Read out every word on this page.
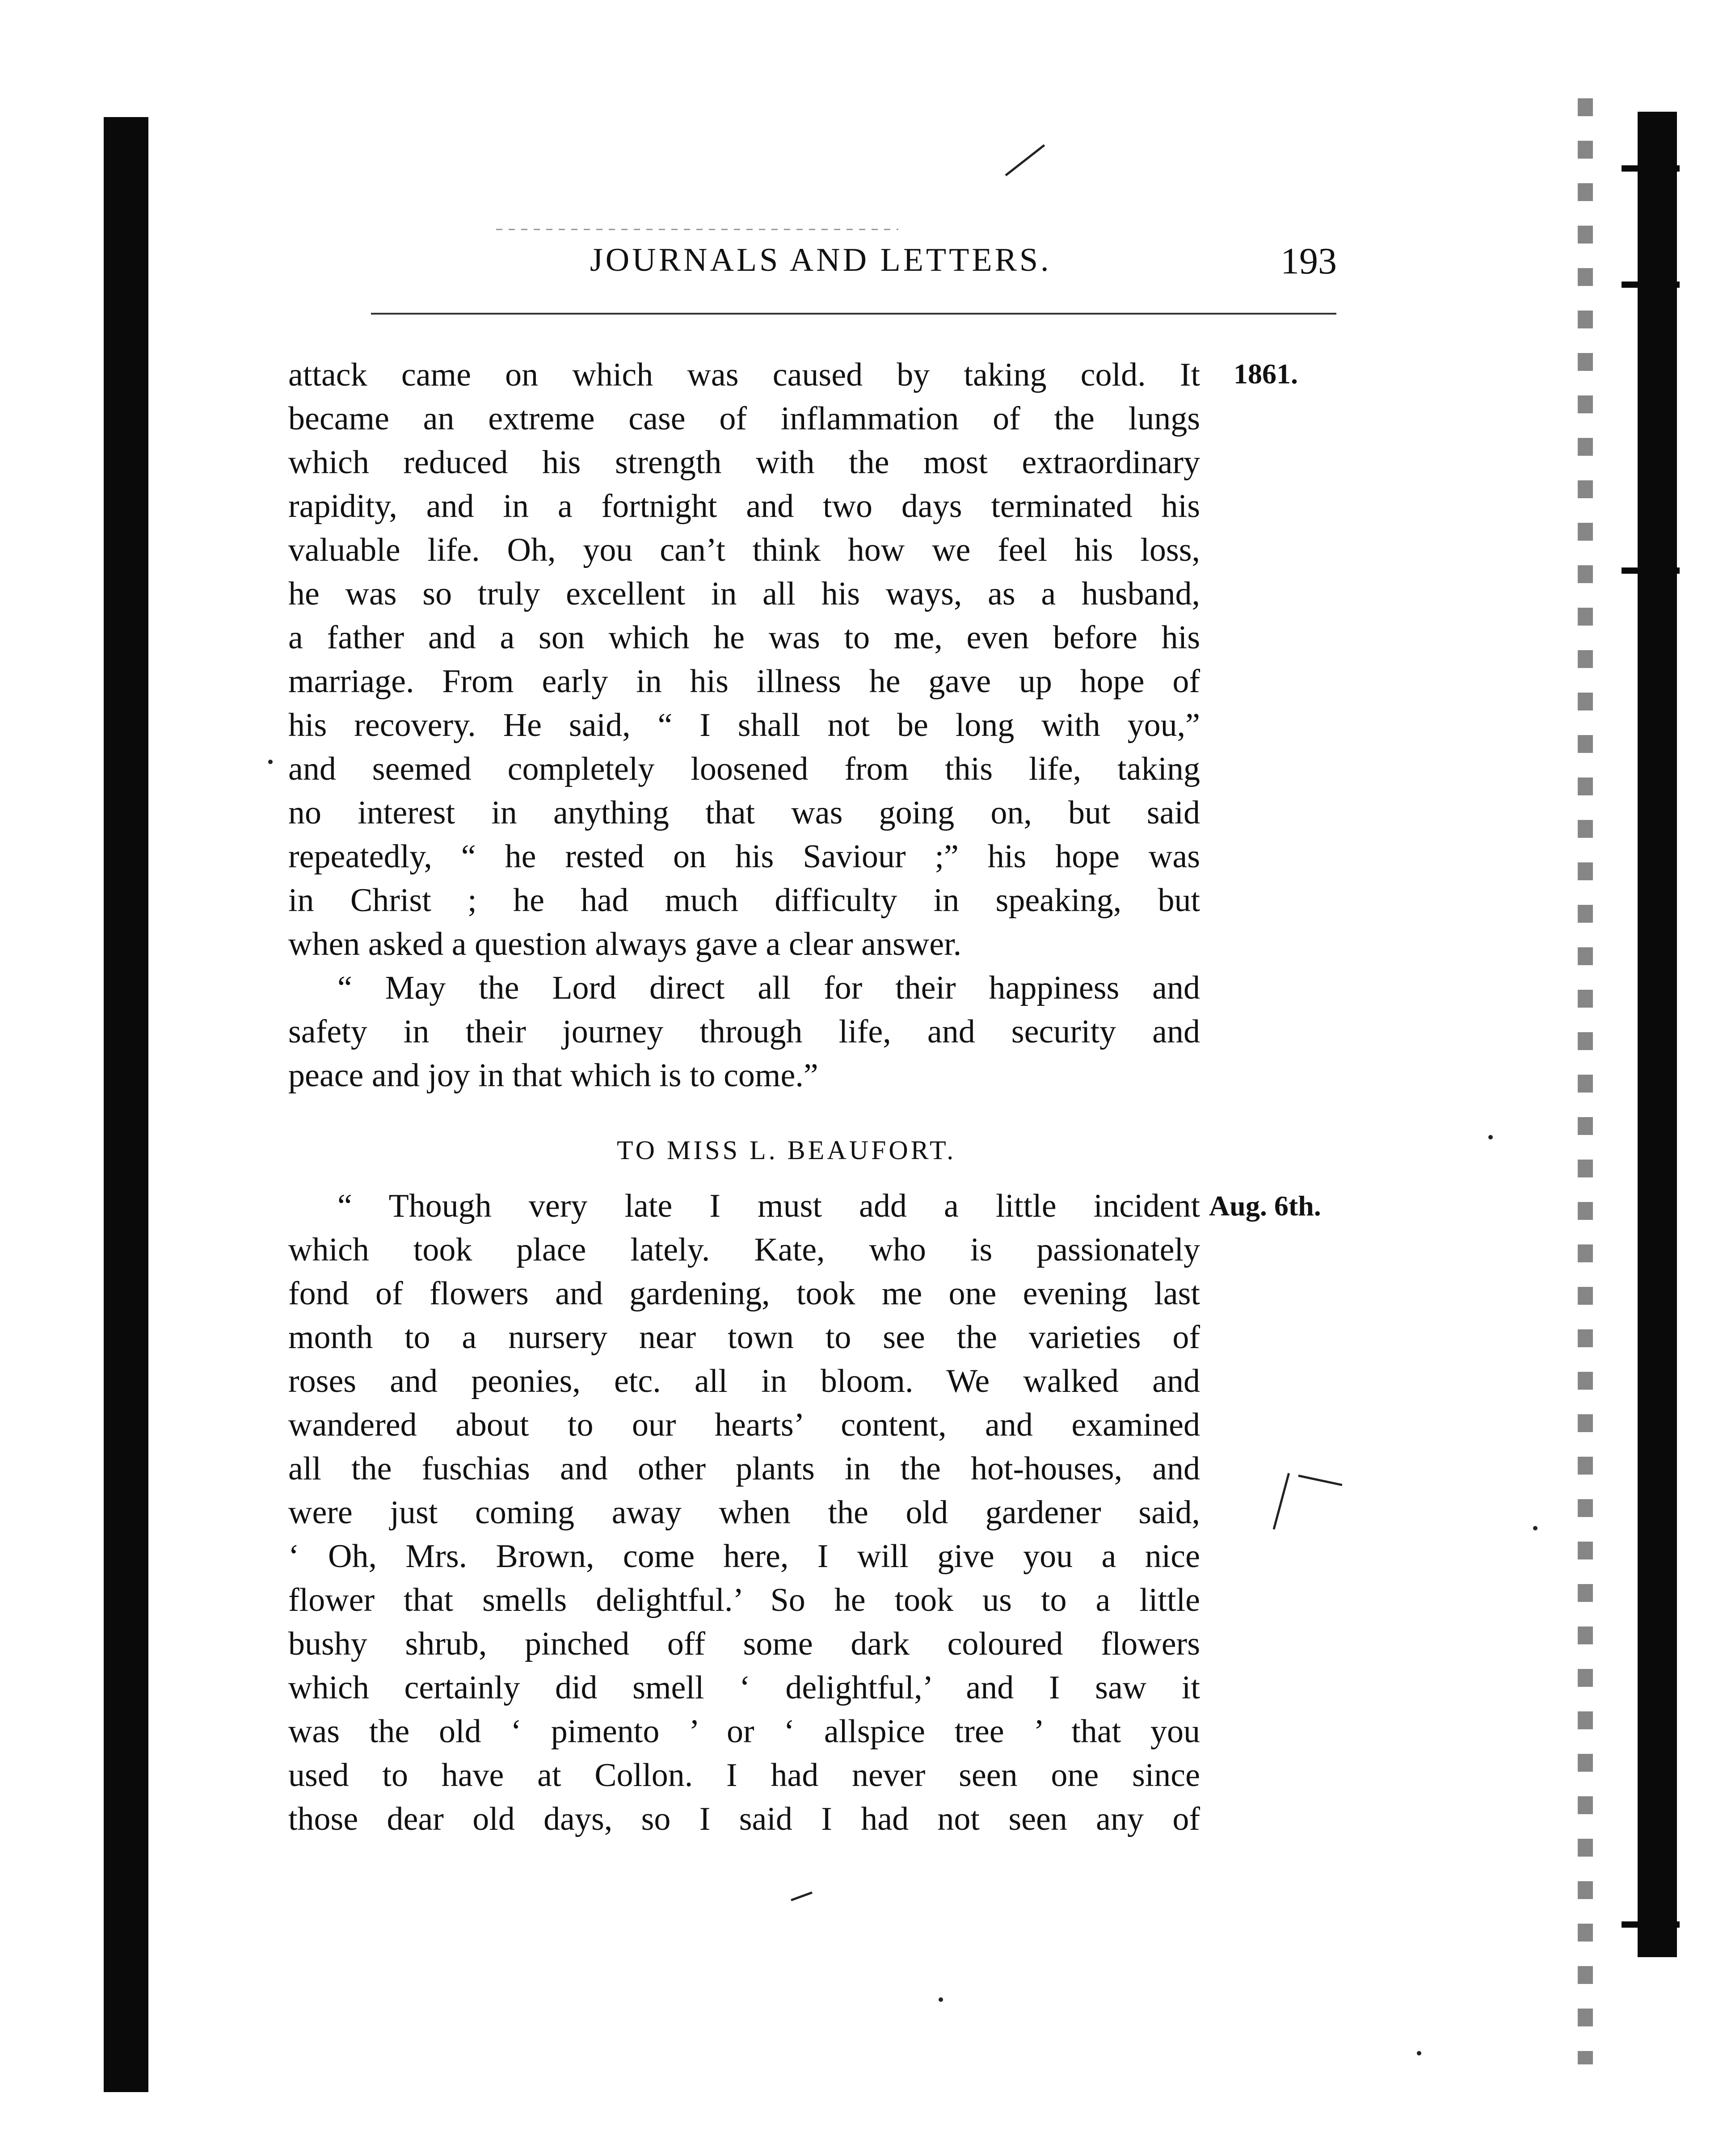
JOURNALS AND LETTERS.	193
1861.
attack came on which was caused by taking cold. It
became an extreme case of inflammation of the lungs
which reduced his strength with the most extraordinary
rapidity, and in a fortnight and two days terminated his
valuable life. Oh, you can’t think how we feel his loss,
he was so truly excellent in all his ways, as a husband,
a father and a son which he was to me, even before his
marriage. From early in his illness he gave up hope of
his recovery. He said, “ I shall not be long with you,”
and seemed completely loosened from this life, taking
no interest in anything that was going on, but said
repeatedly, “ he rested on his Saviour ;” his hope was
in Christ ; he had much difficulty in speaking, but
when asked a question always gave a clear answer.
“ May the Lord direct all for their happiness and
safety in their journey through life, and security and
peace and joy in that which is to come.”
TO MISS L. BEAUFORT.
Aug. 6th.
“ Though very late I must add a little incident
which took place lately. Kate, who is passionately
fond of flowers and gardening, took me one evening last
month to a nursery near town to see the varieties of
roses and peonies, etc. all in bloom. We walked and
wandered about to our hearts’ content, and examined
all the fuschias and other plants in the hot-houses, and
were just coming away when the old gardener said,
‘ Oh, Mrs. Brown, come here, I will give you a nice
flower that smells delightful.’ So he took us to a little
bushy shrub, pinched off some dark coloured flowers
which certainly did smell ‘ delightful,’ and I saw it
was the old ‘ pimento ’ or ‘ allspice tree ’ that you
used to have at Collon. I had never seen one since
those dear old days, so I said I had not seen any of
